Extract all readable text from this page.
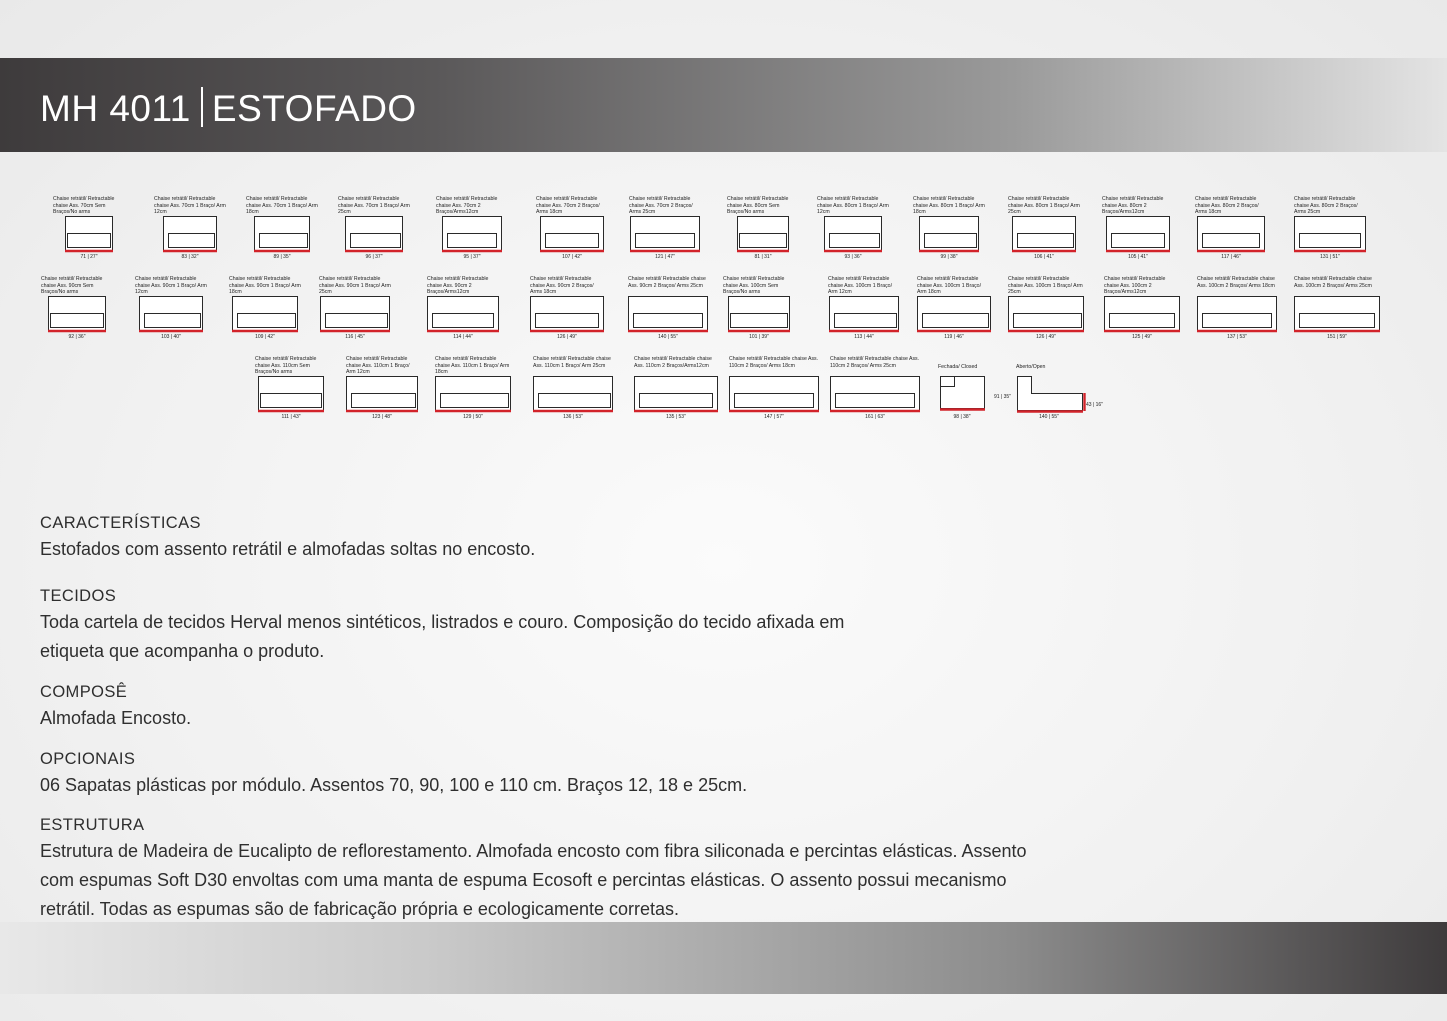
MH 4011 ESTOFADO
Chaise retrátil/ Retractable chaise Ass. 70cm Sem Braços/No arms
71 | 27"
Chaise retrátil/ Retractable chaise Ass. 70cm 1 Braço/ Arm 12cm
83 | 32"
Chaise retrátil/ Retractable chaise Ass. 70cm 1 Braço/ Arm 18cm
89 | 35"
Chaise retrátil/ Retractable chaise Ass. 70cm 1 Braço/ Arm 25cm
96 | 37"
Chaise retrátil/ Retractable chaise Ass. 70cm 2 Braços/Arms12cm
95 | 37"
Chaise retrátil/ Retractable chaise Ass. 70cm 2 Braços/ Arms 18cm
107 | 42"
Chaise retrátil/ Retractable chaise Ass. 70cm 2 Braços/ Arms 25cm
121 | 47"
Chaise retrátil/ Retractable chaise Ass. 80cm Sem Braços/No arms
81 | 31"
Chaise retrátil/ Retractable chaise Ass. 80cm 1 Braço/ Arm 12cm
93 | 36"
Chaise retrátil/ Retractable chaise Ass. 80cm 1 Braço/ Arm 18cm
99 | 38"
Chaise retrátil/ Retractable chaise Ass. 80cm 1 Braço/ Arm 25cm
106 | 41"
Chaise retrátil/ Retractable chaise Ass. 80cm 2 Braços/Arms12cm
105 | 41"
Chaise retrátil/ Retractable chaise Ass. 80cm 2 Braços/ Arms 18cm
117 | 46"
Chaise retrátil/ Retractable chaise Ass. 80cm 2 Braços/ Arms 25cm
131 | 51"
Chaise retrátil/ Retractable chaise Ass. 90cm Sem Braços/No arms
92 | 36"
Chaise retrátil/ Retractable chaise Ass. 90cm 1 Braço/ Arm 12cm
103 | 40"
Chaise retrátil/ Retractable chaise Ass. 90cm 1 Braço/ Arm 18cm
109 | 42"
Chaise retrátil/ Retractable chaise Ass. 90cm 1 Braço/ Arm 25cm
116 | 45"
Chaise retrátil/ Retractable chaise Ass. 90cm 2 Braços/Arms12cm
114 | 44"
Chaise retrátil/ Retractable chaise Ass. 90cm 2 Braços/ Arms 18cm
126 | 49"
Chaise retrátil/ Retractable chaise Ass. 90cm 2 Braços/ Arms 25cm
140 | 55"
Chaise retrátil/ Retractable chaise Ass. 100cm Sem Braços/No arms
101 | 39"
Chaise retrátil/ Retractable chaise Ass. 100cm 1 Braço/ Arm 12cm
113 | 44"
Chaise retrátil/ Retractable chaise Ass. 100cm 1 Braço/ Arm 18cm
119 | 46"
Chaise retrátil/ Retractable chaise Ass. 100cm 1 Braço/ Arm 25cm
126 | 49"
Chaise retrátil/ Retractable chaise Ass. 100cm 2 Braços/Arms12cm
125 | 49"
Chaise retrátil/ Retractable chaise Ass. 100cm 2 Braços/ Arms 18cm
137 | 53"
Chaise retrátil/ Retractable chaise Ass. 100cm 2 Braços/ Arms 25cm
151 | 59"
Chaise retrátil/ Retractable chaise Ass. 110cm Sem Braços/No arms
111 | 43"
Chaise retrátil/ Retractable chaise Ass. 110cm 1 Braço/ Arm 12cm
123 | 48"
Chaise retrátil/ Retractable chaise Ass. 110cm 1 Braço/ Arm 18cm
129 | 50"
Chaise retrátil/ Retractable chaise Ass. 110cm 1 Braço/ Arm 25cm
136 | 53"
Chaise retrátil/ Retractable chaise Ass. 110cm 2 Braços/Arms12cm
135 | 53"
Chaise retrátil/ Retractable chaise Ass. 110cm 2 Braços/ Arms 18cm
147 | 57"
Chaise retrátil/ Retractable chaise Ass. 110cm 2 Braços/ Arms 25cm
161 | 63"
Fechada/ Closed
98 | 38"
91 | 35"
Aberto/Open
140 | 55"
43 | 16"
CARACTERÍSTICAS
Estofados com assento retrátil e almofadas soltas no encosto.
TECIDOS
Toda cartela de tecidos Herval menos sintéticos, listrados e couro. Composição do tecido afixada em etiqueta que acompanha o produto.
COMPOSÊ
Almofada Encosto.
OPCIONAIS
06 Sapatas plásticas por módulo. Assentos 70, 90, 100 e 110 cm. Braços 12, 18 e 25cm.
ESTRUTURA
Estrutura de Madeira de Eucalipto de reflorestamento. Almofada encosto com fibra siliconada e percintas elásticas. Assento com espumas Soft D30 envoltas com uma manta de espuma Ecosoft e percintas elásticas. O assento possui mecanismo retrátil. Todas as espumas são de fabricação própria e ecologicamente corretas.
